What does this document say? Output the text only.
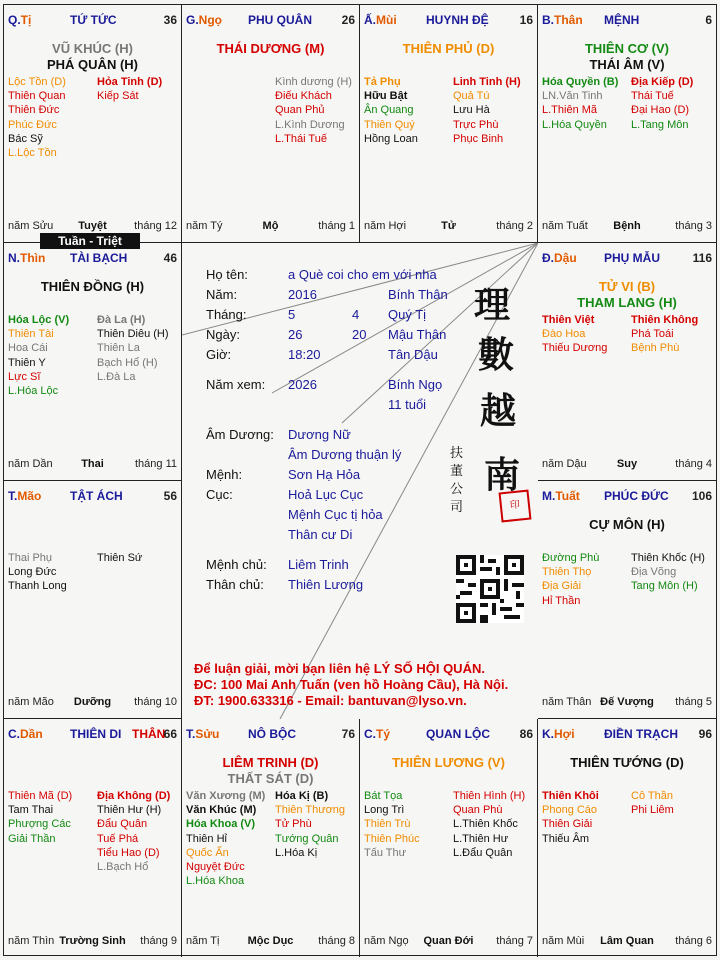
Q.Tị	TỨ TỨC	36
VŨ KHÚC (H)
PHÁ QUÂN (H)
Lộc Tồn (D)
Thiên Quan
Thiên Đức
Phúc Đức
Bác Sỹ
L.Lộc Tồn
Hỏa Tinh (D)
Kiếp Sát
năm Sửu	Tuyệt	tháng 12
G.Ngọ PHU QUÂN 26
THÁI DƯƠNG (M)
Kình dương (H)
Điếu Khách
Quan Phủ
L.Kình Dương
L.Thái Tuế
năm Tý	Mộ	tháng 1
Ấ.Mùi HUYNH ĐỆ	16
THIÊN PHỦ (D)
Tả Phụ
Hữu Bật
Ân Quang
Thiên Quý
Hồng Loan
Linh Tinh (H)
Quả Tú
Lưu Hà
Trực Phù
Phục Binh
năm Hợi	Tử	tháng 2
B.Thân MỆNH	6
THIÊN CƠ (V)
THÁI ÂM (V)
Hóa Quyền (B)
LN.Văn Tinh
L.Thiên Mã
L.Hóa Quyền
Địa Kiếp (D)
Thái Tuế
Đại Hao (D)
L.Tang Môn
năm Tuất	Bệnh	tháng 3
N.Thìn TÀI BẠCH	46
THIÊN ĐỒNG (H)
Hóa Lộc (V)
Thiên Tài
Hoa Cái
Thiên Y
Lực Sĩ
L.Hóa Lộc
Đà La (H)
Thiên Diêu (H)
Thiên La
Bạch Hổ (H)
L.Đà La
năm Dần	Thai	tháng 11
Đ.Dậu PHỤ MẪU	116
TỬ VI (B)
THAM LANG (H)
Thiên Việt
Đào Hoa
Thiếu Dương
Thiên Không
Phá Toái
Bệnh Phù
năm Dậu	Suy	tháng 4
T.Mão TẬT ÁCH	56
Thai Phụ
Long Đức
Thanh Long
Thiên Sứ
năm Mão	Dưỡng	tháng 10
M.Tuất PHÚC ĐỨC 106
CỰ MÔN (H)
Đường Phù
Thiên Thọ
Địa Giải
Hỉ Thần
Thiên Khốc (H)
Địa Võng
Tang Môn (H)
năm Thân Đế Vượng	tháng 5
C.Dần THIÊN DI THÂN
66
Thiên Mã (D)
Tam Thai
Phượng Các
Giải Thần
Địa Không (D)
Thiên Hư (H)
Đẩu Quân
Tuế Phá
Tiểu Hao (D)
L.Bạch Hổ
năm Thìn Trường Sinh	tháng 9
T.Sửu NÔ BỘC	76
LIÊM TRINH (D)
THẤT SÁT (D)
Văn Xương (M)
Văn Khúc (M)
Hóa Khoa (V)
Thiên Hỉ
Quốc Ấn
Nguyệt Đức
L.Hóa Khoa
Hóa Kị (B)
Thiên Thương
Tử Phù
Tướng Quân
L.Hóa Kị
năm Tị	Mộc Dục	tháng 8
C.Tý	QUAN LỘC 86
THIÊN LƯƠNG (V)
Bát Tọa
Long Trì
Thiên Trù
Thiên Phúc
Tấu Thư
Thiên Hình (H)
Quan Phù
L.Thiên Khốc
L.Thiên Hư
L.Đẩu Quân
năm Ngọ	Quan Đới	tháng 7
K.Hợi ĐIỀN TRẠCH 96
THIÊN TƯỚNG (D)
Thiên Khôi
Phong Cáo
Thiên Giải
Thiếu Âm
Cô Thần
Phi Liêm
năm Mùi	Lâm Quan	tháng 6
Họ tên:	a Què coi cho em với nha
Năm:	2016	Bính Thân
Tháng:	5	4 Quý Tị
Ngày:	26	20 Mậu Thân
Giờ:	18:20	Tân Dậu
Năm xem: 2026	Bính Ngọ
11 tuổi
Âm Dương: Dương Nữ
Âm Dương thuận lý
Mệnh:	Sơn Hạ Hỏa
Cục:	Hoả Lục Cục
Mệnh Cục tị hỏa
Thân cư Di
Mệnh chủ: Liêm Trinh
Thân chủ: Thiên Lương
理
數
越
南
扶
董
公
司	印
Để luận giải, mời bạn liên hệ LÝ SỐ HỘI QUÁN.
ĐC: 100 Mai Anh Tuấn (ven hồ Hoàng Cầu), Hà Nội.
ĐT: 1900.633316 - Email: bantuvan@lyso.vn.
Tuần - Triệt
